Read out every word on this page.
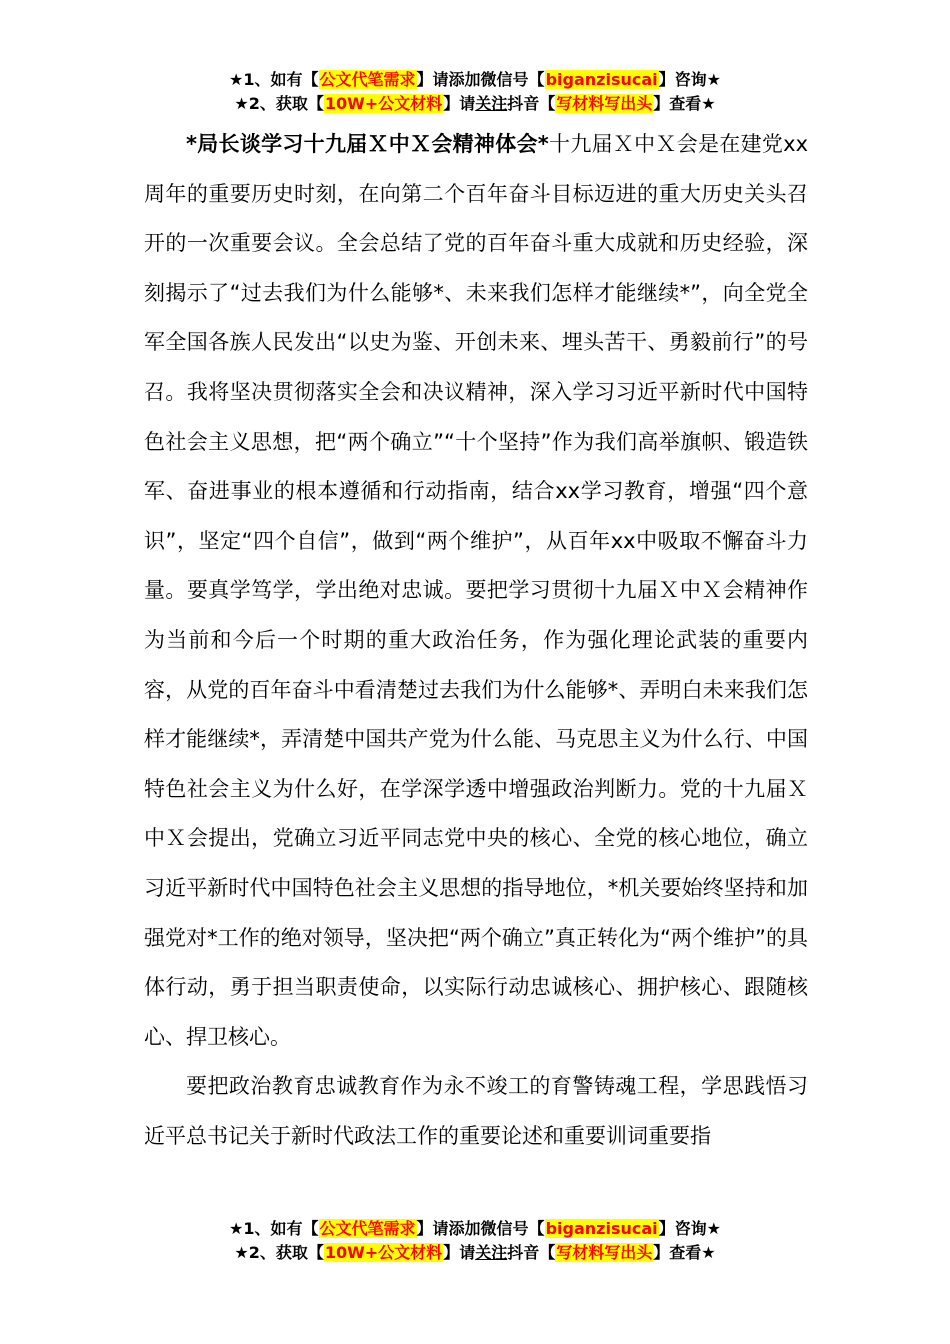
★1、如有【公文代笔需求】请添加微信号【biganzisucai】咨询★
★2、获取【10W+公文材料】请关注抖音【写材料写出头】查看★

*局长谈学习十九届Ｘ中Ｘ会精神体会*十九届Ｘ中Ｘ会是在建党xx周年的重要历史时刻，在向第二个百年奋斗目标迈进的重大历史关头召开的一次重要会议。全会总结了党的百年奋斗重大成就和历史经验，深刻揭示了“过去我们为什么能够*、未来我们怎样才能继续*”，向全党全军全国各族人民发出“以史为鉴、开创未来、埋头苦干、勇毅前行”的号召。我将坚决贯彻落实全会和决议精神，深入学习习近平新时代中国特色社会主义思想，把“两个确立”“十个坚持”作为我们高举旗帜、锻造铁军、奋进事业的根本遵循和行动指南，结合xx学习教育，增强“四个意识”，坚定“四个自信”，做到“两个维护”，从百年xx中吸取不懈奋斗力量。要真学笃学，学出绝对忠诚。要把学习贯彻十九届Ｘ中Ｘ会精神作为当前和今后一个时期的重大政治任务，作为强化理论武装的重要内容，从党的百年奋斗中看清楚过去我们为什么能够*、弄明白未来我们怎样才能继续*，弄清楚中国共产党为什么能、马克思主义为什么行、中国特色社会主义为什么好，在学深学透中增强政治判断力。党的十九届Ｘ中Ｘ会提出，党确立习近平同志党中央的核心、全党的核心地位，确立习近平新时代中国特色社会主义思想的指导地位，*机关要始终坚持和加强党对*工作的绝对领导，坚决把“两个确立”真正转化为“两个维护”的具体行动，勇于担当职责使命，以实际行动忠诚核心、拥护核心、跟随核心、捍卫核心。

要把政治教育忠诚教育作为永不竣工的育警铸魂工程，学思践悟习近平总书记关于新时代政法工作的重要论述和重要训词重要指

★1、如有【公文代笔需求】请添加微信号【biganzisucai】咨询★
★2、获取【10W+公文材料】请关注抖音【写材料写出头】查看★
